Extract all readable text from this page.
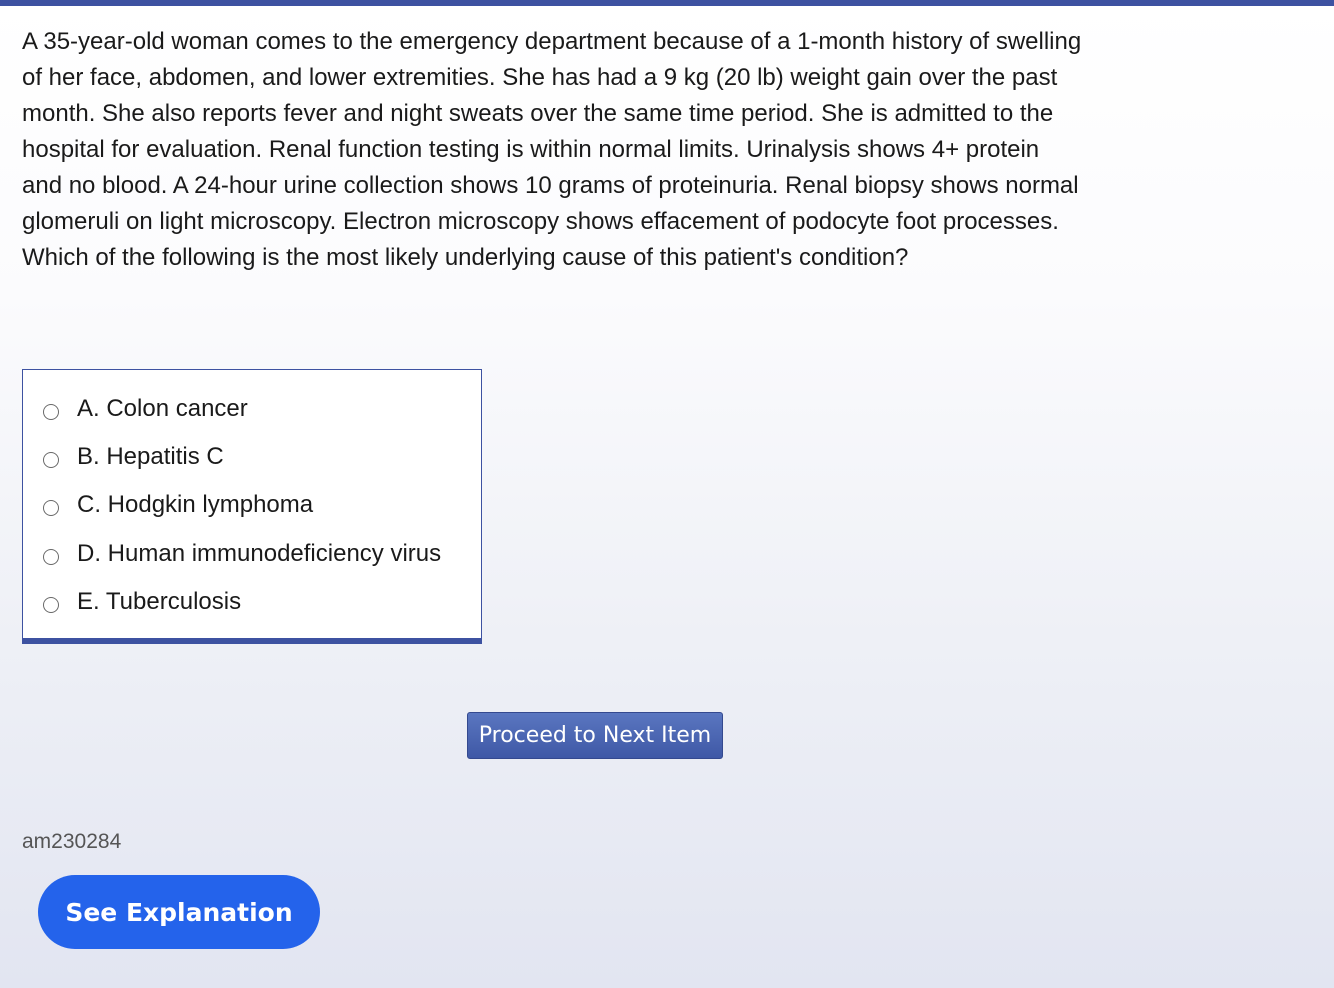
A 35-year-old woman comes to the emergency department because of a 1-month history of swelling of her face, abdomen, and lower extremities. She has had a 9 kg (20 lb) weight gain over the past month. She also reports fever and night sweats over the same time period. She is admitted to the hospital for evaluation. Renal function testing is within normal limits. Urinalysis shows 4+ protein and no blood. A 24-hour urine collection shows 10 grams of proteinuria. Renal biopsy shows normal glomeruli on light microscopy. Electron microscopy shows effacement of podocyte foot processes. Which of the following is the most likely underlying cause of this patient's condition?

A. Colon cancer
B. Hepatitis C
C. Hodgkin lymphoma
D. Human immunodeficiency virus
E. Tuberculosis
Proceed to Next Item
am230284
See Explanation
